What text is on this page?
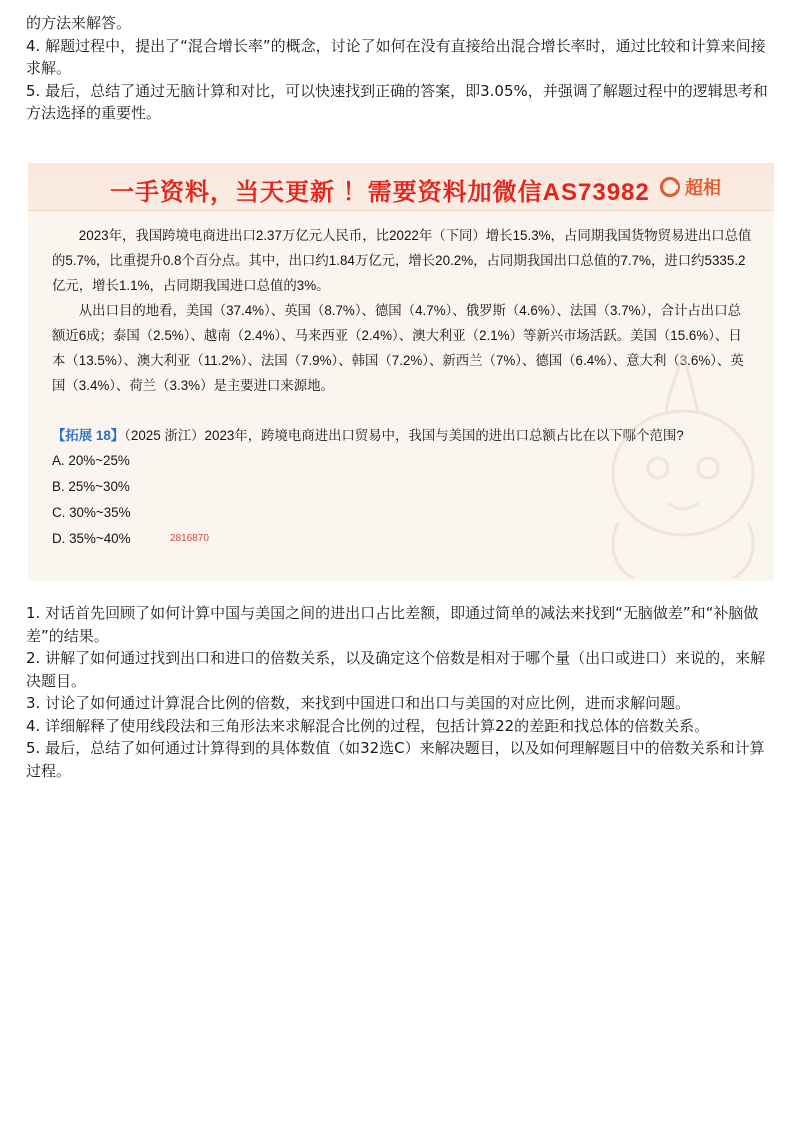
的方法来解答。

4. 解题过程中，提出了“混合增长率”的概念，讨论了如何在没有直接给出混合增长率时，通过比较和计算来间接求解。

5. 最后，总结了通过无脑计算和对比，可以快速找到正确的答案，即3.05%，并强调了解题过程中的逻辑思考和方法选择的重要性。

一手资料，当天更新 ！需要资料加微信AS73982 超相

2023年，我国跨境电商进出口2.37万亿元人民币，比2022年（下同）增长15.3%，占同期我国货物贸易进出口总值的5.7%，比重提升0.8个百分点。其中，出口约1.84万亿元，增长20.2%，占同期我国出口总值的7.7%，进口约5335.2亿元，增长1.1%，占同期我国进口总值的3%。

从出口目的地看，美国（37.4%）、英国（8.7%）、德国（4.7%）、俄罗斯（4.6%）、法国（3.7%），合计占出口总额近6成；泰国（2.5%）、越南（2.4%）、马来西亚（2.4%）、澳大利亚（2.1%）等新兴市场活跃。美国（15.6%）、日本（13.5%）、澳大利亚（11.2%）、法国（7.9%）、韩国（7.2%）、新西兰（7%）、德国（6.4%）、意大利（3.6%）、英国（3.4%）、荷兰（3.3%）是主要进口来源地。

【拓展 18】（2025 浙江）2023年，跨境电商进出口贸易中，我国与美国的进出口总额占比在以下哪个范围?
A. 20%~25%
B. 25%~30%
C. 30%~35%
D. 35%~40%	2816870

1. 对话首先回顾了如何计算中国与美国之间的进出口占比差额，即通过简单的减法来找到“无脑做差”和“补脑做差”的结果。

2. 讲解了如何通过找到出口和进口的倍数关系，以及确定这个倍数是相对于哪个量（出口或进口）来说的，来解决题目。

3. 讨论了如何通过计算混合比例的倍数，来找到中国进口和出口与美国的对应比例，进而求解问题。

4. 详细解释了使用线段法和三角形法来求解混合比例的过程，包括计算22的差距和找总体的倍数关系。

5. 最后，总结了如何通过计算得到的具体数值（如32选C）来解决题目，以及如何理解题目中的倍数关系和计算过程。
